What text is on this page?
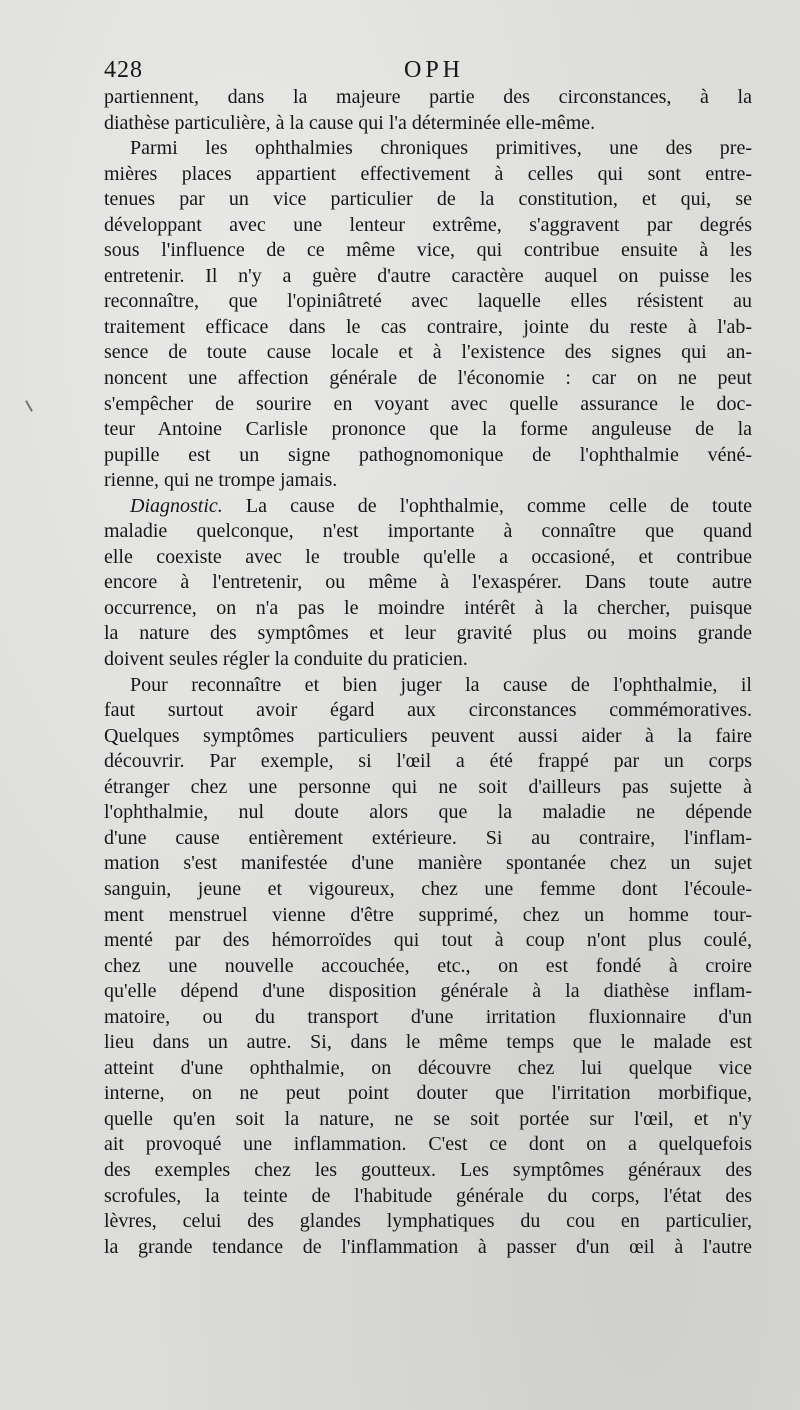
428	OPH
partiennent, dans la majeure partie des circonstances, à la
diathèse particulière, à la cause qui l'a déterminée elle-même.
Parmi les ophthalmies chroniques primitives, une des pre-
mières places appartient effectivement à celles qui sont entre-
tenues par un vice particulier de la constitution, et qui, se
développant avec une lenteur extrême, s'aggravent par degrés
sous l'influence de ce même vice, qui contribue ensuite à les
entretenir. Il n'y a guère d'autre caractère auquel on puisse les
reconnaître, que l'opiniâtreté avec laquelle elles résistent au
traitement efficace dans le cas contraire, jointe du reste à l'ab-
sence de toute cause locale et à l'existence des signes qui an-
noncent une affection générale de l'économie : car on ne peut
s'empêcher de sourire en voyant avec quelle assurance le doc-
teur Antoine Carlisle prononce que la forme anguleuse de la
pupille est un signe pathognomonique de l'ophthalmie véné-
rienne, qui ne trompe jamais.
Diagnostic. La cause de l'ophthalmie, comme celle de toute
maladie quelconque, n'est importante à connaître que quand
elle coexiste avec le trouble qu'elle a occasioné, et contribue
encore à l'entretenir, ou même à l'exaspérer. Dans toute autre
occurrence, on n'a pas le moindre intérêt à la chercher, puisque
la nature des symptômes et leur gravité plus ou moins grande
doivent seules régler la conduite du praticien.
Pour reconnaître et bien juger la cause de l'ophthalmie, il
faut surtout avoir égard aux circonstances commémoratives.
Quelques symptômes particuliers peuvent aussi aider à la faire
découvrir. Par exemple, si l'œil a été frappé par un corps
étranger chez une personne qui ne soit d'ailleurs pas sujette à
l'ophthalmie, nul doute alors que la maladie ne dépende
d'une cause entièrement extérieure. Si au contraire, l'inflam-
mation s'est manifestée d'une manière spontanée chez un sujet
sanguin, jeune et vigoureux, chez une femme dont l'écoule-
ment menstruel vienne d'être supprimé, chez un homme tour-
menté par des hémorroïdes qui tout à coup n'ont plus coulé,
chez une nouvelle accouchée, etc., on est fondé à croire
qu'elle dépend d'une disposition générale à la diathèse inflam-
matoire, ou du transport d'une irritation fluxionnaire d'un
lieu dans un autre. Si, dans le même temps que le malade est
atteint d'une ophthalmie, on découvre chez lui quelque vice
interne, on ne peut point douter que l'irritation morbifique,
quelle qu'en soit la nature, ne se soit portée sur l'œil, et n'y
ait provoqué une inflammation. C'est ce dont on a quelquefois
des exemples chez les goutteux. Les symptômes généraux des
scrofules, la teinte de l'habitude générale du corps, l'état des
lèvres, celui des glandes lymphatiques du cou en particulier,
la grande tendance de l'inflammation à passer d'un œil à l'autre
